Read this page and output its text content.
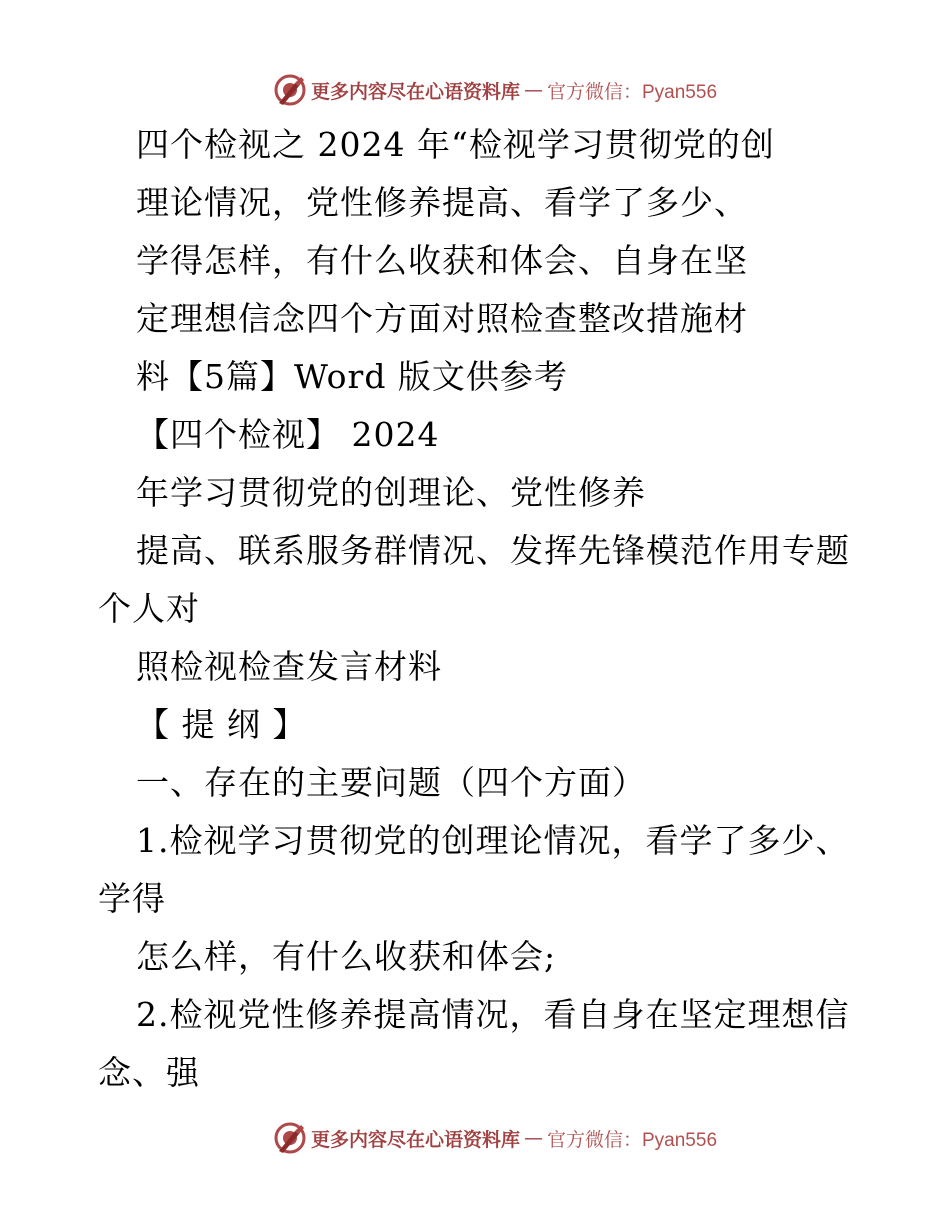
更多内容尽在心语资料库 — 官方微信：Pyan556
四个检视之 2024 年“检视学习贯彻党的创
理论情况，党性修养提高、看学了多少、
学得怎样，有什么收获和体会、自身在坚
定理想信念四个方面对照检查整改措施材
料【5篇】Word 版文供参考
【四个检视】 2024
年学习贯彻党的创理论、党性修养
提高、联系服务群情况、发挥先锋模范作用专题
个人对
照检视检查发言材料
【 提 纲 】
一、存在的主要问题（四个方面）
1.检视学习贯彻党的创理论情况，看学了多少、
学得
怎么样，有什么收获和体会;
2.检视党性修养提高情况，看自身在坚定理想信
念、强
更多内容尽在心语资料库 — 官方微信：Pyan556
